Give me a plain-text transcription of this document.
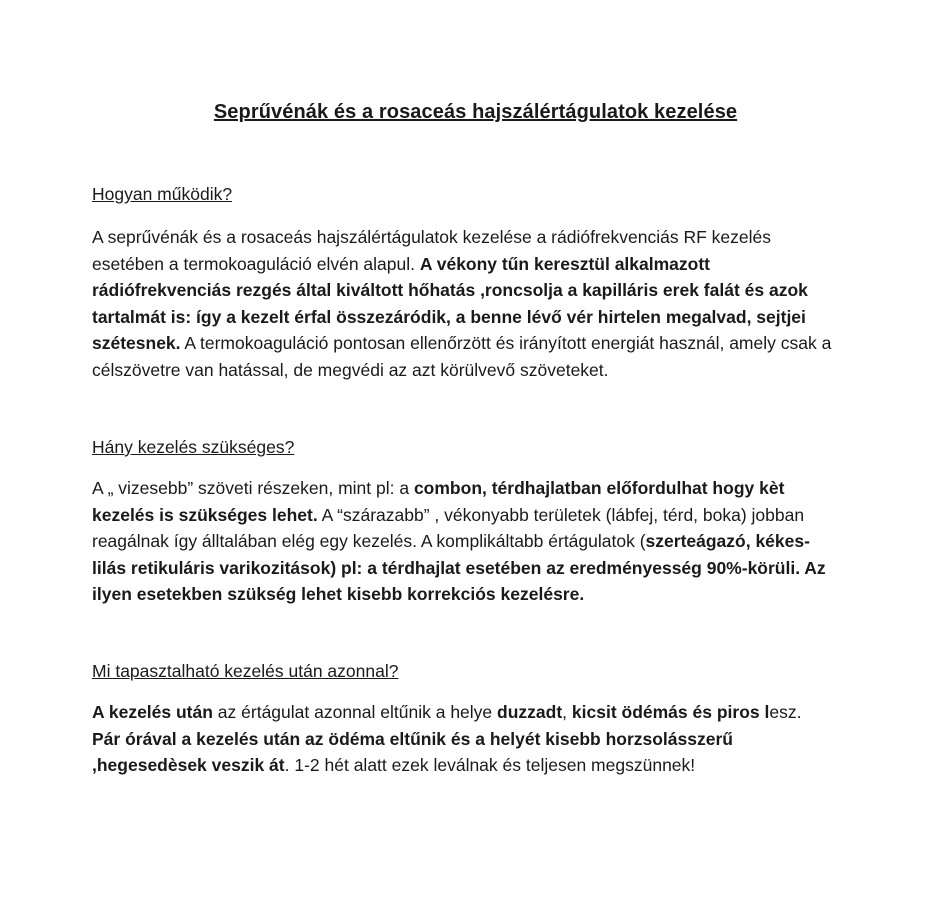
Seprűvénák és a rosaceás hajszálértágulatok kezelése
Hogyan működik?

A seprűvénák és a rosaceás hajszálértágulatok kezelése a rádiófrekvenciás RF kezelés esetében a termokoaguláció elvén alapul. A vékony tűn keresztül alkalmazott rádiófrekvenciás rezgés által kiváltott hőhatás ,roncsolja a kapilláris erek falát és azok tartalmát is: így a kezelt érfal összezáródik, a benne lévő vér hirtelen megalvad, sejtjei szétesnek. A termokoaguláció pontosan ellenőrzött és irányított energiát használ, amely csak a célszövetre van hatással, de megvédi az azt körülvevő szöveteket.

Hány kezelés szükséges?

A „ vizesebb” szöveti részeken, mint pl: a combon, térdhajlatban előfordulhat hogy kèt kezelés is szükséges lehet. A “szárazabb” , vékonyabb területek (lábfej, térd, boka) jobban reagálnak így álltalában elég egy kezelés. A komplikáltabb értágulatok (szerteágazó, kékes-lilás retikuláris varikozitások) pl: a térdhajlat esetében az eredményesség 90%-körüli. Az ilyen esetekben szükség lehet kisebb korrekciós kezelésre.

Mi tapasztalható kezelés után azonnal?

A kezelés után az értágulat azonnal eltűnik a helye duzzadt, kicsit ödémás és piros lesz. Pár órával a kezelés után az ödéma eltűnik és a helyét kisebb horzsolásszerű ,hegesedèsek veszik át. 1-2 hét alatt ezek leválnak és teljesen megszünnek!
